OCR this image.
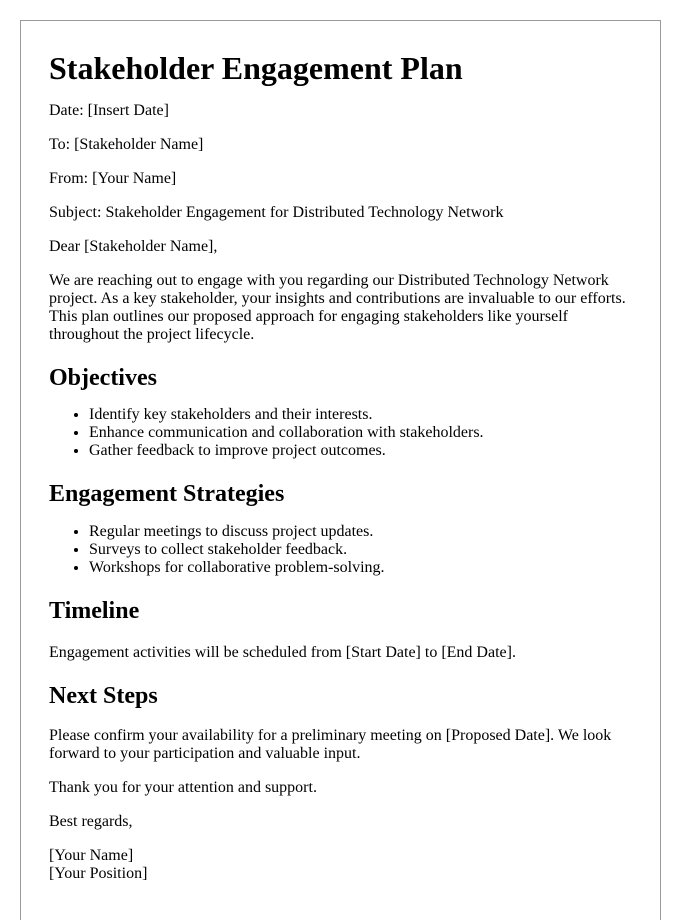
Stakeholder Engagement Plan

Date: [Insert Date]

To: [Stakeholder Name]

From: [Your Name]

Subject: Stakeholder Engagement for Distributed Technology Network

Dear [Stakeholder Name],

We are reaching out to engage with you regarding our Distributed Technology Network project. As a key stakeholder, your insights and contributions are invaluable to our efforts. This plan outlines our proposed approach for engaging stakeholders like yourself throughout the project lifecycle.

Objectives
• Identify key stakeholders and their interests.
• Enhance communication and collaboration with stakeholders.
• Gather feedback to improve project outcomes.
Engagement Strategies
• Regular meetings to discuss project updates.
• Surveys to collect stakeholder feedback.
• Workshops for collaborative problem-solving.
Timeline

Engagement activities will be scheduled from [Start Date] to [End Date].

Next Steps

Please confirm your availability for a preliminary meeting on [Proposed Date]. We look forward to your participation and valuable input.

Thank you for your attention and support.

Best regards,

[Your Name]

[Your Position]
